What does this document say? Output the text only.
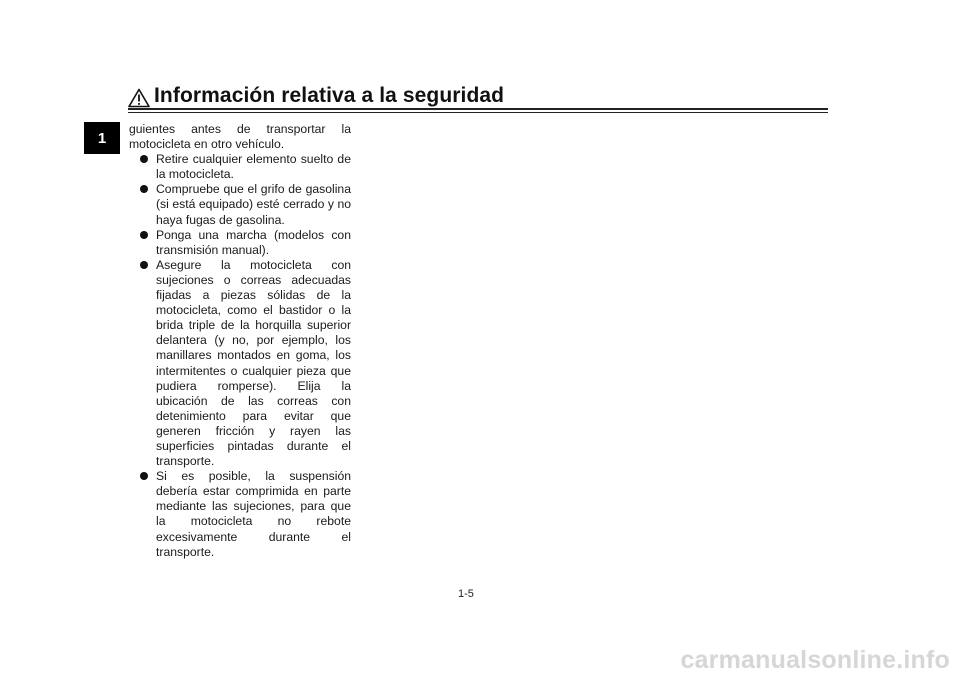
Información relativa a la seguridad
1

guientes antes de transportar la motocicleta en otro vehículo.

Retire cualquier elemento suelto de la motocicleta.
Compruebe que el grifo de gasolina (si está equipado) esté cerrado y no haya fugas de gasolina.
Ponga una marcha (modelos con transmisión manual).
Asegure la motocicleta con sujeciones o correas adecuadas fijadas a piezas sólidas de la motocicleta, como el bastidor o la brida triple de la horquilla superior delantera (y no, por ejemplo, los manillares montados en goma, los intermitentes o cualquier pieza que pudiera romperse). Elija la ubicación de las correas con detenimiento para evitar que generen fricción y rayen las superficies pintadas durante el transporte.
Si es posible, la suspensión debería estar comprimida en parte mediante las sujeciones, para que la motocicleta no rebote excesivamente durante el transporte.
1-5
carmanualsonline.info
